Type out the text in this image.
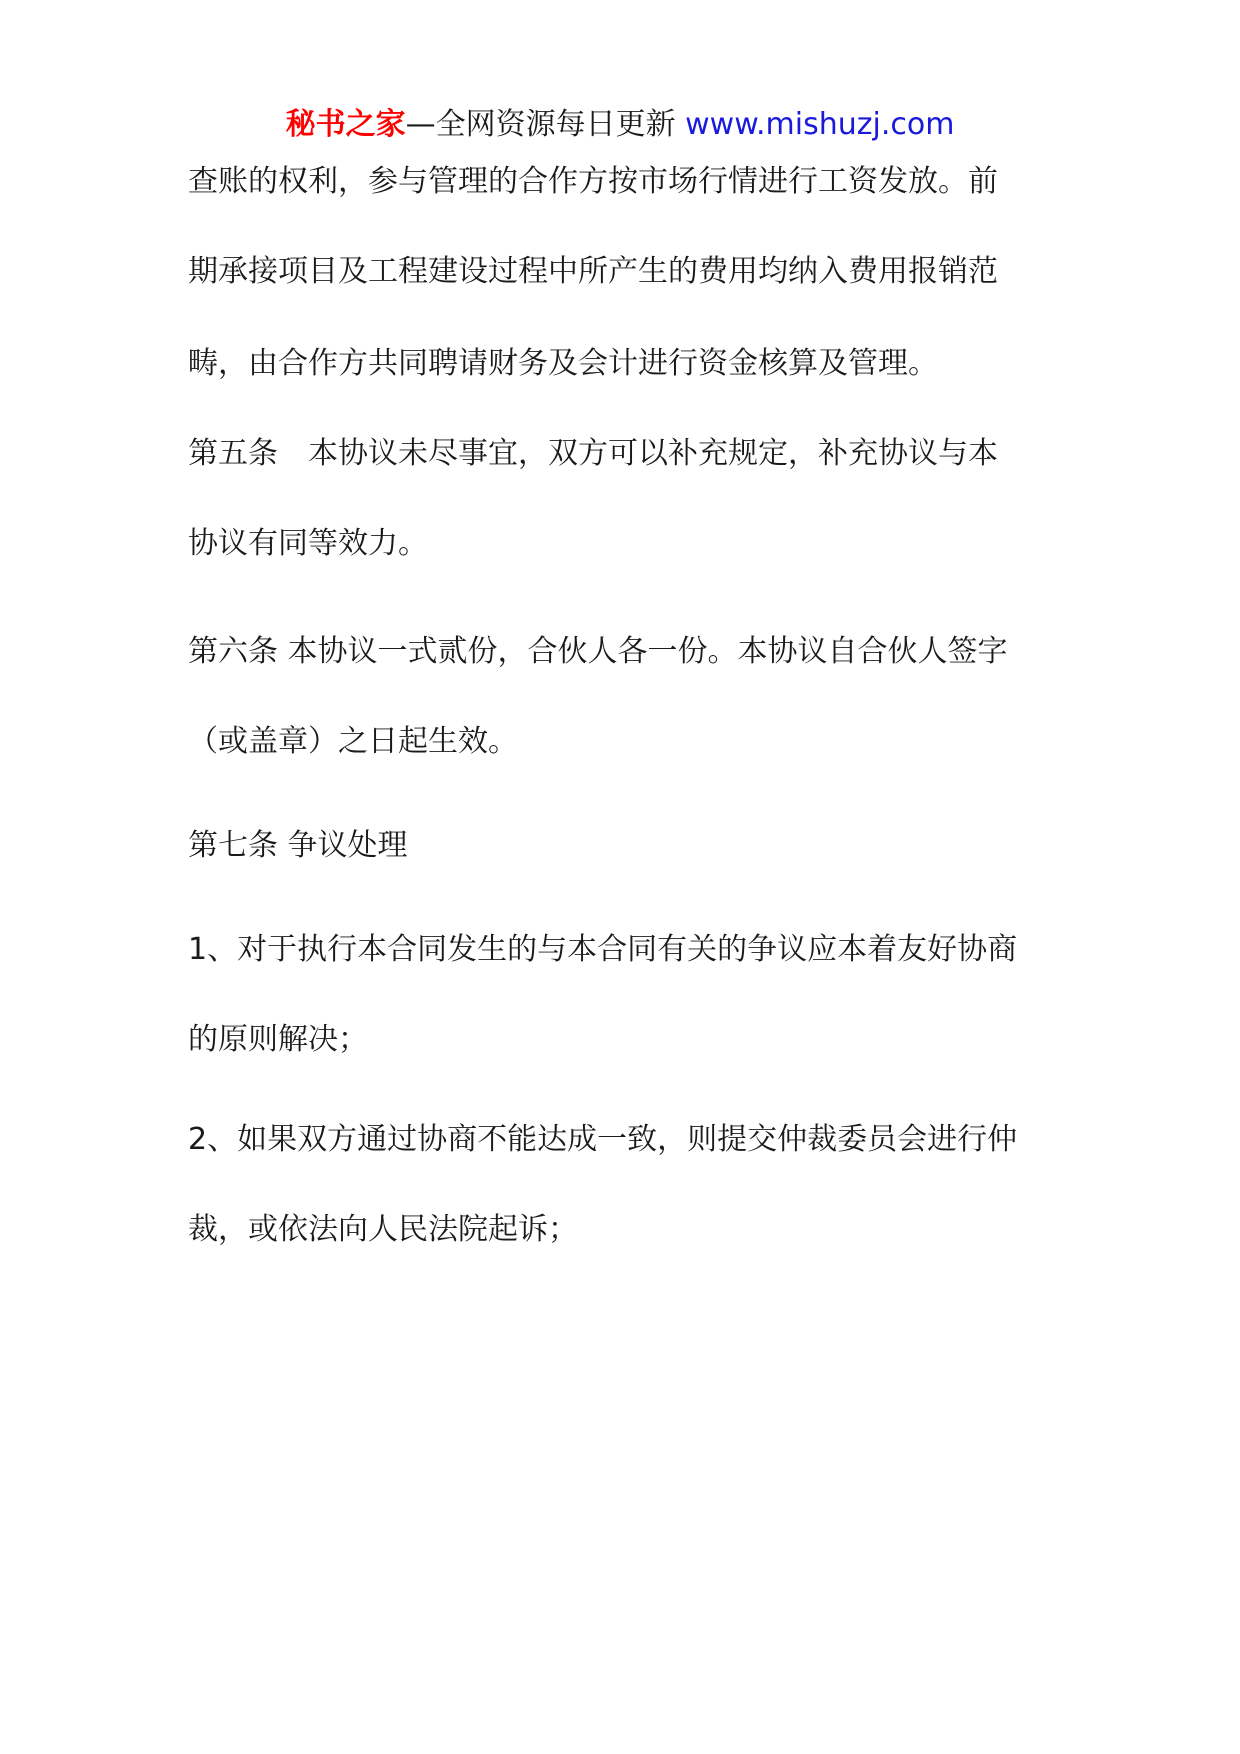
秘书之家—全网资源每日更新 www.mishuzj.com
查账的权利，参与管理的合作方按市场行情进行工资发放。前
期承接项目及工程建设过程中所产生的费用均纳入费用报销范
畴，由合作方共同聘请财务及会计进行资金核算及管理。
第五条　本协议未尽事宜，双方可以补充规定，补充协议与本
协议有同等效力。
第六条 本协议一式贰份，合伙人各一份。本协议自合伙人签字
（或盖章）之日起生效。
第七条 争议处理
1、对于执行本合同发生的与本合同有关的争议应本着友好协商
的原则解决；
2、如果双方通过协商不能达成一致，则提交仲裁委员会进行仲
裁，或依法向人民法院起诉；
